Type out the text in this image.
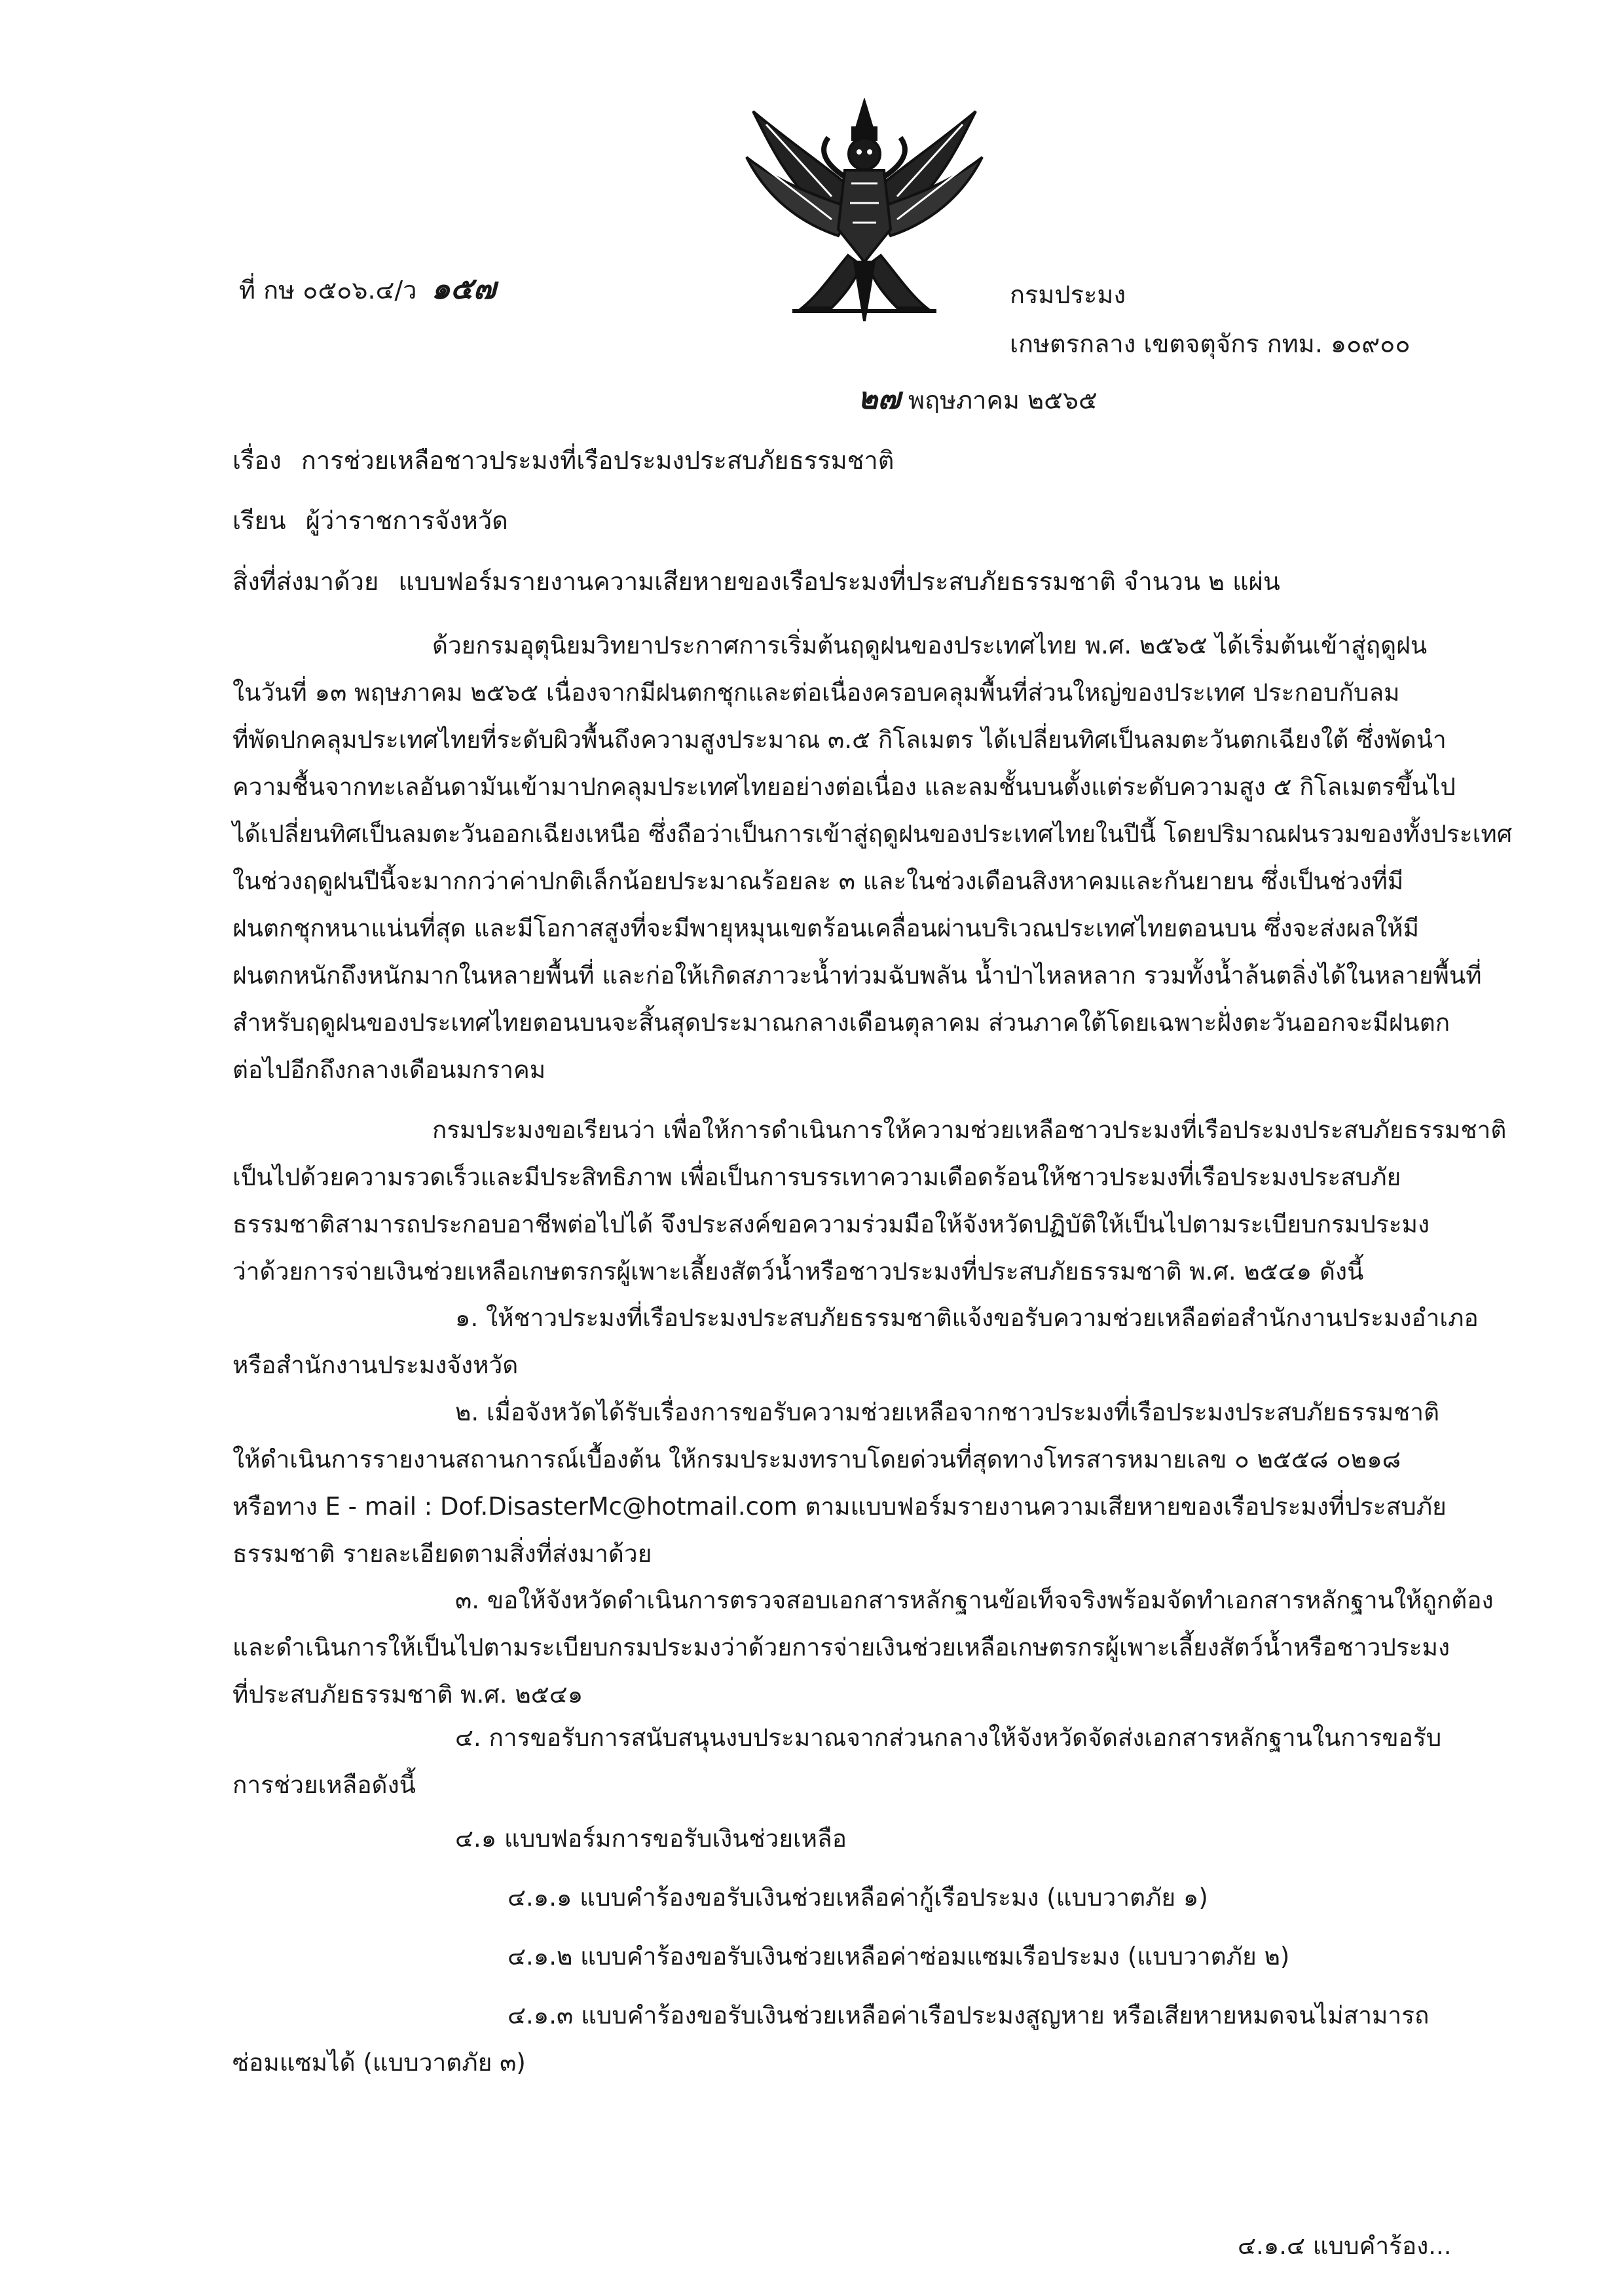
ที่ กษ ๐๕๐๖.๔/ว ๑๕๗	กรมประมง
เกษตรกลาง เขตจตุจักร กทม. ๑๐๙๐๐
๒๗ พฤษภาคม ๒๕๖๕
เรื่อง การช่วยเหลือชาวประมงที่เรือประมงประสบภัยธรรมชาติ
เรียน ผู้ว่าราชการจังหวัด
สิ่งที่ส่งมาด้วย แบบฟอร์มรายงานความเสียหายของเรือประมงที่ประสบภัยธรรมชาติ จำนวน ๒ แผ่น
ด้วยกรมอุตุนิยมวิทยาประกาศการเริ่มต้นฤดูฝนของประเทศไทย พ.ศ. ๒๕๖๕ ได้เริ่มต้นเข้าสู่ฤดูฝน
ในวันที่ ๑๓ พฤษภาคม ๒๕๖๕ เนื่องจากมีฝนตกชุกและต่อเนื่องครอบคลุมพื้นที่ส่วนใหญ่ของประเทศ ประกอบกับลม
ที่พัดปกคลุมประเทศไทยที่ระดับผิวพื้นถึงความสูงประมาณ ๓.๕ กิโลเมตร ได้เปลี่ยนทิศเป็นลมตะวันตกเฉียงใต้ ซึ่งพัดนำ
ความชื้นจากทะเลอันดามันเข้ามาปกคลุมประเทศไทยอย่างต่อเนื่อง และลมชั้นบนตั้งแต่ระดับความสูง ๕ กิโลเมตรขึ้นไป
ได้เปลี่ยนทิศเป็นลมตะวันออกเฉียงเหนือ ซึ่งถือว่าเป็นการเข้าสู่ฤดูฝนของประเทศไทยในปีนี้ โดยปริมาณฝนรวมของทั้งประเทศ
ในช่วงฤดูฝนปีนี้จะมากกว่าค่าปกติเล็กน้อยประมาณร้อยละ ๓ และในช่วงเดือนสิงหาคมและกันยายน ซึ่งเป็นช่วงที่มี
ฝนตกชุกหนาแน่นที่สุด และมีโอกาสสูงที่จะมีพายุหมุนเขตร้อนเคลื่อนผ่านบริเวณประเทศไทยตอนบน ซึ่งจะส่งผลให้มี
ฝนตกหนักถึงหนักมากในหลายพื้นที่ และก่อให้เกิดสภาวะน้ำท่วมฉับพลัน น้ำป่าไหลหลาก รวมทั้งน้ำล้นตลิ่งได้ในหลายพื้นที่
สำหรับฤดูฝนของประเทศไทยตอนบนจะสิ้นสุดประมาณกลางเดือนตุลาคม ส่วนภาคใต้โดยเฉพาะฝั่งตะวันออกจะมีฝนตก
ต่อไปอีกถึงกลางเดือนมกราคม
กรมประมงขอเรียนว่า เพื่อให้การดำเนินการให้ความช่วยเหลือชาวประมงที่เรือประมงประสบภัยธรรมชาติ
เป็นไปด้วยความรวดเร็วและมีประสิทธิภาพ เพื่อเป็นการบรรเทาความเดือดร้อนให้ชาวประมงที่เรือประมงประสบภัย
ธรรมชาติสามารถประกอบอาชีพต่อไปได้ จึงประสงค์ขอความร่วมมือให้จังหวัดปฏิบัติให้เป็นไปตามระเบียบกรมประมง
ว่าด้วยการจ่ายเงินช่วยเหลือเกษตรกรผู้เพาะเลี้ยงสัตว์น้ำหรือชาวประมงที่ประสบภัยธรรมชาติ พ.ศ. ๒๕๔๑ ดังนี้
๑. ให้ชาวประมงที่เรือประมงประสบภัยธรรมชาติแจ้งขอรับความช่วยเหลือต่อสำนักงานประมงอำเภอ
หรือสำนักงานประมงจังหวัด
๒. เมื่อจังหวัดได้รับเรื่องการขอรับความช่วยเหลือจากชาวประมงที่เรือประมงประสบภัยธรรมชาติ
ให้ดำเนินการรายงานสถานการณ์เบื้องต้น ให้กรมประมงทราบโดยด่วนที่สุดทางโทรสารหมายเลข ๐ ๒๕๕๘ ๐๒๑๘
หรือทาง E - mail : Dof.DisasterMc@hotmail.com ตามแบบฟอร์มรายงานความเสียหายของเรือประมงที่ประสบภัย
ธรรมชาติ รายละเอียดตามสิ่งที่ส่งมาด้วย
๓. ขอให้จังหวัดดำเนินการตรวจสอบเอกสารหลักฐานข้อเท็จจริงพร้อมจัดทำเอกสารหลักฐานให้ถูกต้อง
และดำเนินการให้เป็นไปตามระเบียบกรมประมงว่าด้วยการจ่ายเงินช่วยเหลือเกษตรกรผู้เพาะเลี้ยงสัตว์น้ำหรือชาวประมง
ที่ประสบภัยธรรมชาติ พ.ศ. ๒๕๔๑
๔. การขอรับการสนับสนุนงบประมาณจากส่วนกลางให้จังหวัดจัดส่งเอกสารหลักฐานในการขอรับ
การช่วยเหลือดังนี้
๔.๑ แบบฟอร์มการขอรับเงินช่วยเหลือ
๔.๑.๑ แบบคำร้องขอรับเงินช่วยเหลือค่ากู้เรือประมง (แบบวาตภัย ๑)
๔.๑.๒ แบบคำร้องขอรับเงินช่วยเหลือค่าซ่อมแซมเรือประมง (แบบวาตภัย ๒)
๔.๑.๓ แบบคำร้องขอรับเงินช่วยเหลือค่าเรือประมงสูญหาย หรือเสียหายหมดจนไม่สามารถ
ซ่อมแซมได้ (แบบวาตภัย ๓)
๔.๑.๔ แบบคำร้อง...
